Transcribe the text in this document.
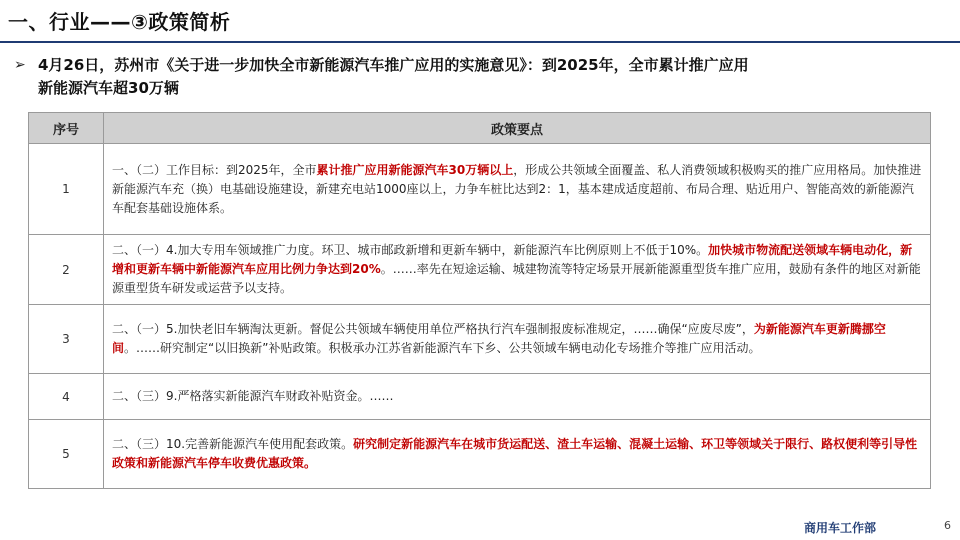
一、行业——③政策简析
➢ 4月26日，苏州市《关于进一步加快全市新能源汽车推广应用的实施意见》：到2025年，全市累计推广应用
新能源汽车超30万辆
序号	政策要点
1	一、（二）工作目标：到2025年，全市累计推广应用新能源汽车30万辆以上，形成公共领域全面覆盖、私人消费领域积极购买的推广应用格局。加快推进新能源汽车充（换）电基础设施建设，新建充电站1000座以上，力争车桩比达到2：1，基本建成适度超前、布局合理、贴近用户、智能高效的新能源汽车配套基础设施体系。
2	二、（一）4.加大专用车领域推广力度。环卫、城市邮政新增和更新车辆中，新能源汽车比例原则上不低于10%。加快城市物流配送领域车辆电动化，新增和更新车辆中新能源汽车应用比例力争达到20%。……率先在短途运输、城建物流等特定场景开展新能源重型货车推广应用，鼓励有条件的地区对新能源重型货车研发或运营予以支持。
3	二、（一）5.加快老旧车辆淘汰更新。督促公共领域车辆使用单位严格执行汽车强制报废标准规定，……确保“应废尽废”，为新能源汽车更新腾挪空间。……研究制定“以旧换新”补贴政策。积极承办江苏省新能源汽车下乡、公共领域车辆电动化专场推介等推广应用活动。
4	二、（三）9.严格落实新能源汽车财政补贴资金。……
5	二、（三）10.完善新能源汽车使用配套政策。研究制定新能源汽车在城市货运配送、渣土车运输、混凝土运输、环卫等领域关于限行、路权便利等引导性政策和新能源汽车停车收费优惠政策。
商用车工作部	6
